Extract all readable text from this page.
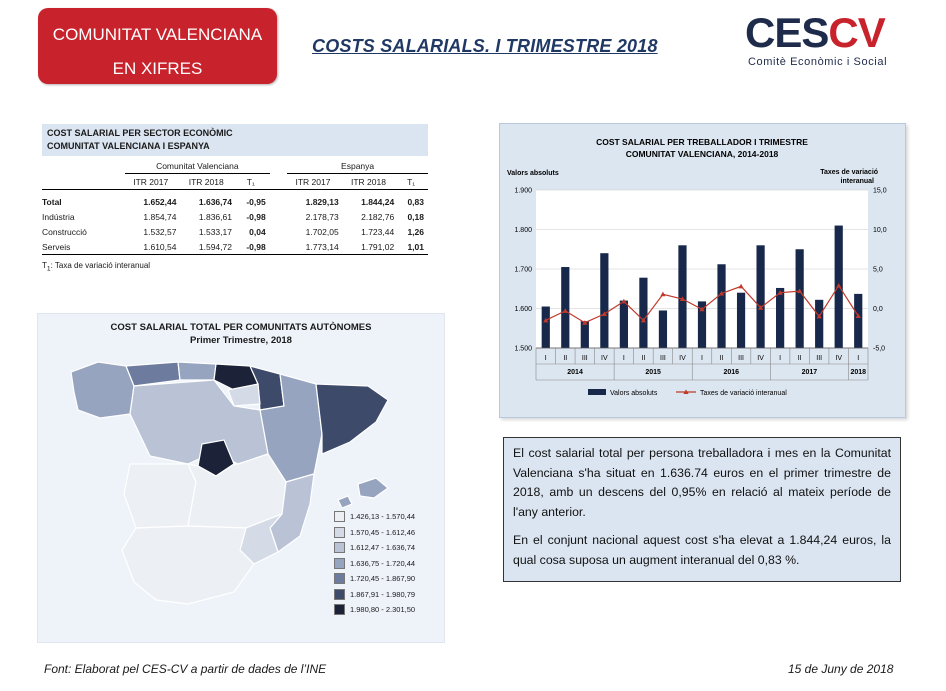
COMUNITAT VALENCIANA
EN XIFRES
COSTS SALARIALS. I TRIMESTRE 2018 CESCV
Comitè Econòmic i Social
COST SALARIAL PER SECTOR ECONÒMIC
COMUNITAT VALENCIANA I ESPANYA
	Comunitat Valenciana				Espanya		
	ITR 2017	ITR 2018	T₁		ITR 2017	ITR 2018	T₁

Total	1.652,44	1.636,74	-0,95		1.829,13	1.844,24	0,83
Indústria	1.854,74	1.836,61	-0,98		2.178,73	2.182,76	0,18
Construcció	1.532,57	1.533,17	0,04		1.702,05	1.723,44	1,26
Serveis	1.610,54	1.594,72	-0,98		1.773,14	1.791,02	1,01
$T_1$: Taxa de variació interanual
COST SALARIAL TOTAL PER COMUNITATS AUTÒNOMES
Primer Trimestre, 2018
1.426,13 - 1.570,44
1.570,45 - 1.612,46
1.612,47 - 1.636,74
1.636,75 - 1.720,44
1.720,45 - 1.867,90
1.867,91 - 1.980,79
1.980,80 - 2.301,50
COST SALARIAL PER TREBALLADOR I TRIMESTRE
COMUNITAT VALENCIANA, 2014-2018
Valors absoluts	Taxes de variació interanual
1.900
1.800
1.700
1.600
1.500
15,0
10,0
5,0
0,0
-5,0
I II III IV I II III IV I II III IV I II III IV I
2014	2015	2016	2017	2018
Valors absoluts	Taxes de variació interanual

El cost salarial total per persona treballadora i mes en la Comunitat Valenciana s'ha situat en 1.636.74 euros en el primer trimestre de 2018, amb un descens del 0,95% en relació al mateix període de l'any anterior.

En el conjunt nacional aquest cost s'ha elevat a 1.844,24 euros, la qual cosa suposa un augment interanual del 0,83 %.

Font: Elaborat pel CES-CV a partir de dades de l’INE	15 de Juny de 2018
